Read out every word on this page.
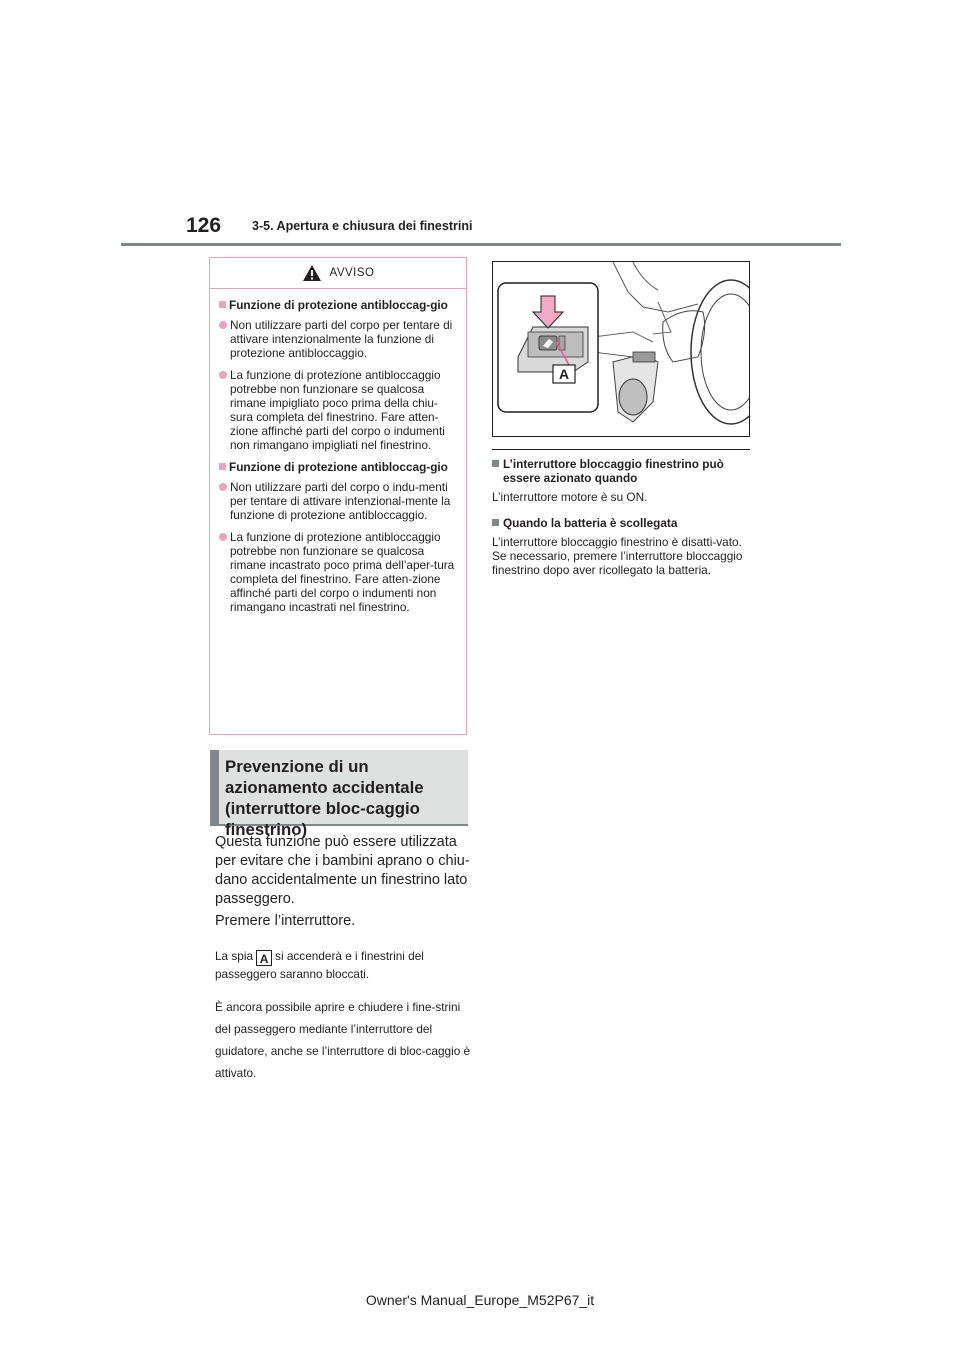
126 3-5. Apertura e chiusura dei finestrini
AVVISO
Funzione di protezione antibloccag-gio
Non utilizzare parti del corpo per tentare di attivare intenzionalmente la funzione di protezione antibloccaggio.
La funzione di protezione antibloccaggio potrebbe non funzionare se qualcosa rimane impigliato poco prima della chiu-sura completa del finestrino. Fare atten-zione affinché parti del corpo o indumenti non rimangano impigliati nel finestrino.
Funzione di protezione antibloccag-gio
Non utilizzare parti del corpo o indu-menti per tentare di attivare intenzional-mente la funzione di protezione antibloccaggio.
La funzione di protezione antibloccaggio potrebbe non funzionare se qualcosa rimane incastrato poco prima dell’aper-tura completa del finestrino. Fare atten-zione affinché parti del corpo o indumenti non rimangano incastrati nel finestrino.
Prevenzione di un azionamento accidentale (interruttore bloc-caggio finestrino)
Questa funzione può essere utilizzata per evitare che i bambini aprano o chiu-dano accidentalmente un finestrino lato passeggero.
Premere l’interruttore.
La spia A si accenderà e i finestrini del passeggero saranno bloccati.
È ancora possibile aprire e chiudere i fine-strini del passeggero mediante l’interruttore del guidatore, anche se l’interruttore di bloc-caggio è attivato.
A
L’interruttore bloccaggio finestrino può essere azionato quando
L’interruttore motore è su ON.
Quando la batteria è scollegata
L’interruttore bloccaggio finestrino è disatti-vato. Se necessario, premere l’interruttore bloccaggio finestrino dopo aver ricollegato la batteria.
Owner's Manual_Europe_M52P67_it
